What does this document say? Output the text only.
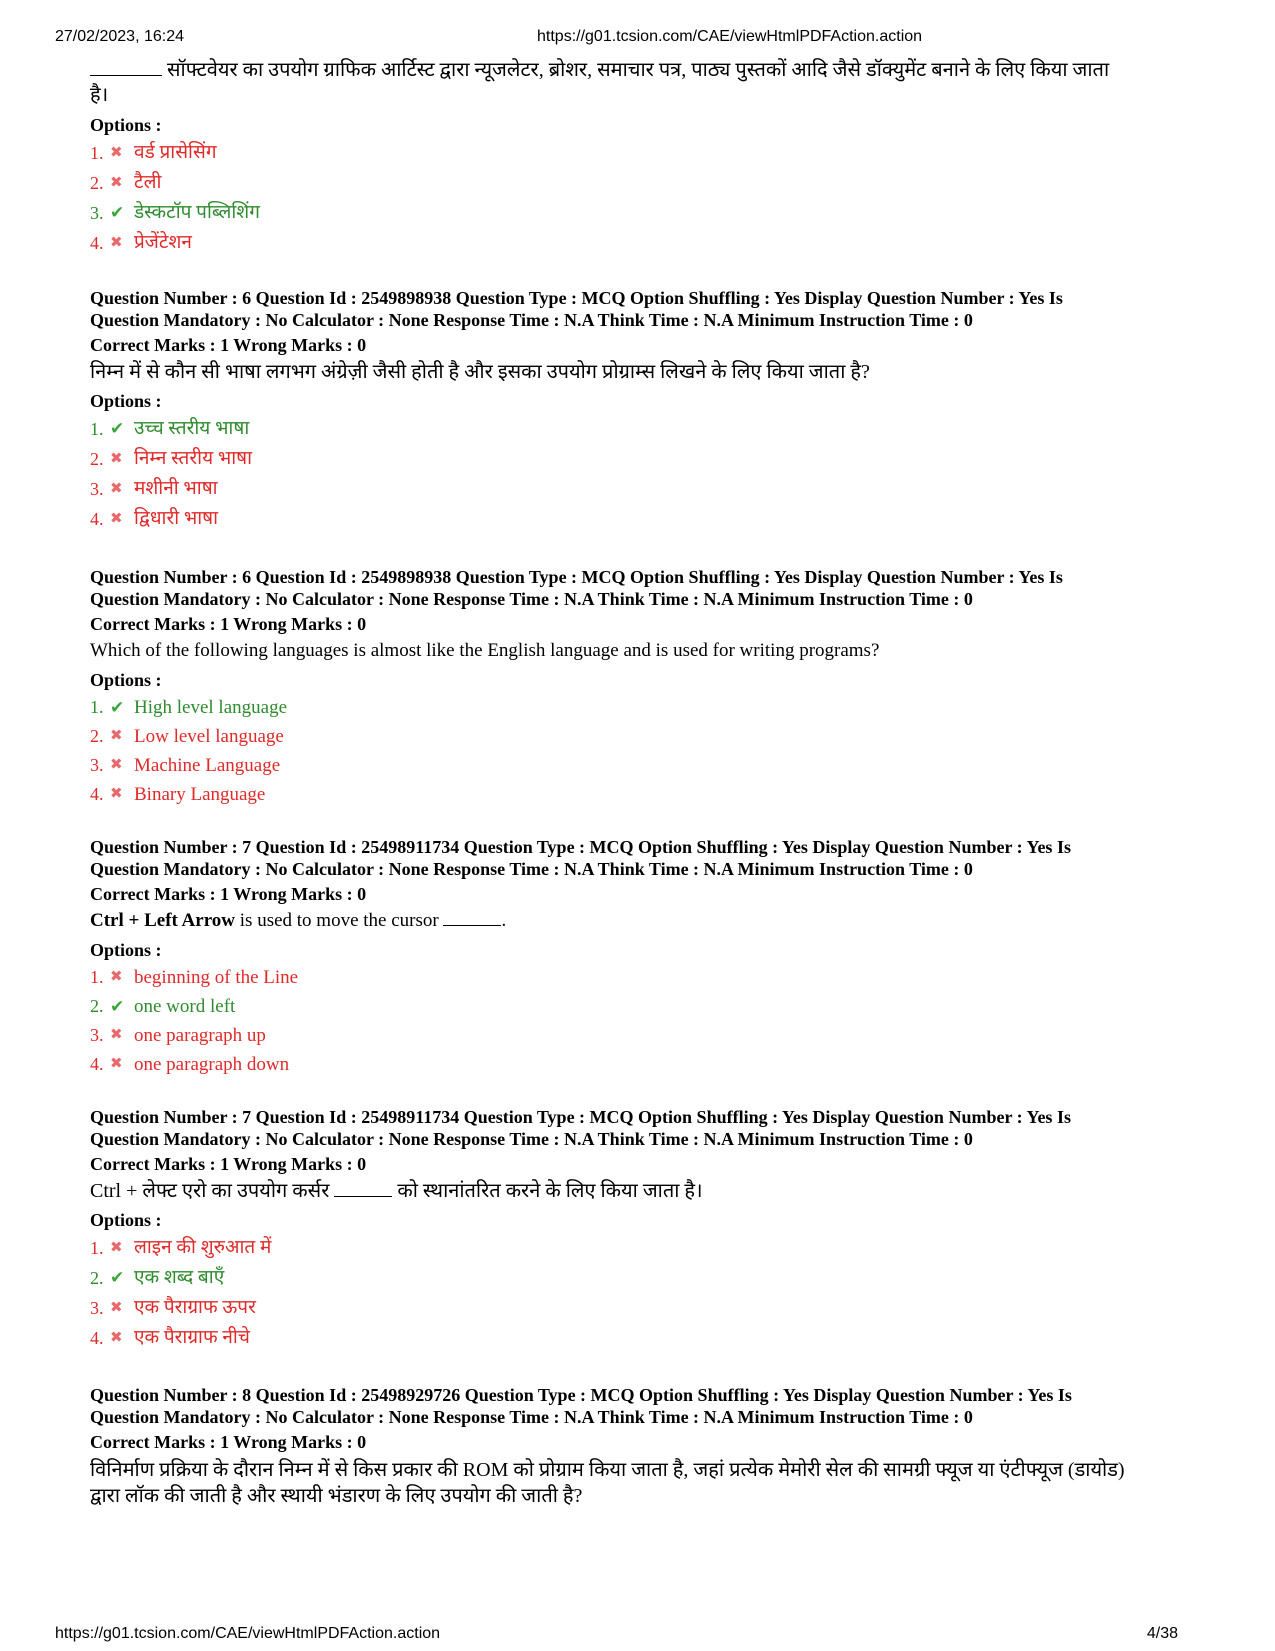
27/02/2023, 16:24	https://g01.tcsion.com/CAE/viewHtmlPDFAction.action
सॉफ्टवेयर का उपयोग ग्राफिक आर्टिस्ट द्वारा न्यूजलेटर, ब्रोशर, समाचार पत्र, पाठ्य पुस्तकों आदि जैसे डॉक्युमेंट बनाने के लिए किया जाता
है।
Options :
1. ✖ वर्ड प्रासेसिंग
2. ✖ टैली
3. ✔ डेस्कटॉप पब्लिशिंग
4. ✖ प्रेजेंटेशन
Question Number : 6 Question Id : 2549898938 Question Type : MCQ Option Shuffling : Yes Display Question Number : Yes Is
Question Mandatory : No Calculator : None Response Time : N.A Think Time : N.A Minimum Instruction Time : 0
Correct Marks : 1 Wrong Marks : 0
निम्न में से कौन सी भाषा लगभग अंग्रेज़ी जैसी होती है और इसका उपयोग प्रोग्राम्स लिखने के लिए किया जाता है?
Options :
1. ✔ उच्च स्तरीय भाषा
2. ✖ निम्न स्तरीय भाषा
3. ✖ मशीनी भाषा
4. ✖ द्विधारी भाषा
Question Number : 6 Question Id : 2549898938 Question Type : MCQ Option Shuffling : Yes Display Question Number : Yes Is
Question Mandatory : No Calculator : None Response Time : N.A Think Time : N.A Minimum Instruction Time : 0
Correct Marks : 1 Wrong Marks : 0
Which of the following languages is almost like the English language and is used for writing programs?
Options :
1. ✔ High level language
2. ✖ Low level language
3. ✖ Machine Language
4. ✖ Binary Language
Question Number : 7 Question Id : 25498911734 Question Type : MCQ Option Shuffling : Yes Display Question Number : Yes Is
Question Mandatory : No Calculator : None Response Time : N.A Think Time : N.A Minimum Instruction Time : 0
Correct Marks : 1 Wrong Marks : 0
Ctrl + Left Arrow is used to move the cursor	.
Options :
1. ✖ beginning of the Line
2. ✔ one word left
3. ✖ one paragraph up
4. ✖ one paragraph down
Question Number : 7 Question Id : 25498911734 Question Type : MCQ Option Shuffling : Yes Display Question Number : Yes Is
Question Mandatory : No Calculator : None Response Time : N.A Think Time : N.A Minimum Instruction Time : 0
Correct Marks : 1 Wrong Marks : 0
Ctrl + लेफ्ट एरो का उपयोग कर्सर	को स्थानांतरित करने के लिए किया जाता है।
Options :
1. ✖ लाइन की शुरुआत में
2. ✔ एक शब्द बाएँ
3. ✖ एक पैराग्राफ ऊपर
4. ✖ एक पैराग्राफ नीचे
Question Number : 8 Question Id : 25498929726 Question Type : MCQ Option Shuffling : Yes Display Question Number : Yes Is
Question Mandatory : No Calculator : None Response Time : N.A Think Time : N.A Minimum Instruction Time : 0
Correct Marks : 1 Wrong Marks : 0
विनिर्माण प्रक्रिया के दौरान निम्न में से किस प्रकार की ROM को प्रोग्राम किया जाता है, जहां प्रत्येक मेमोरी सेल की सामग्री फ्यूज या एंटीफ्यूज (डायोड)
द्वारा लॉक की जाती है और स्थायी भंडारण के लिए उपयोग की जाती है?
https://g01.tcsion.com/CAE/viewHtmlPDFAction.action	4/38
